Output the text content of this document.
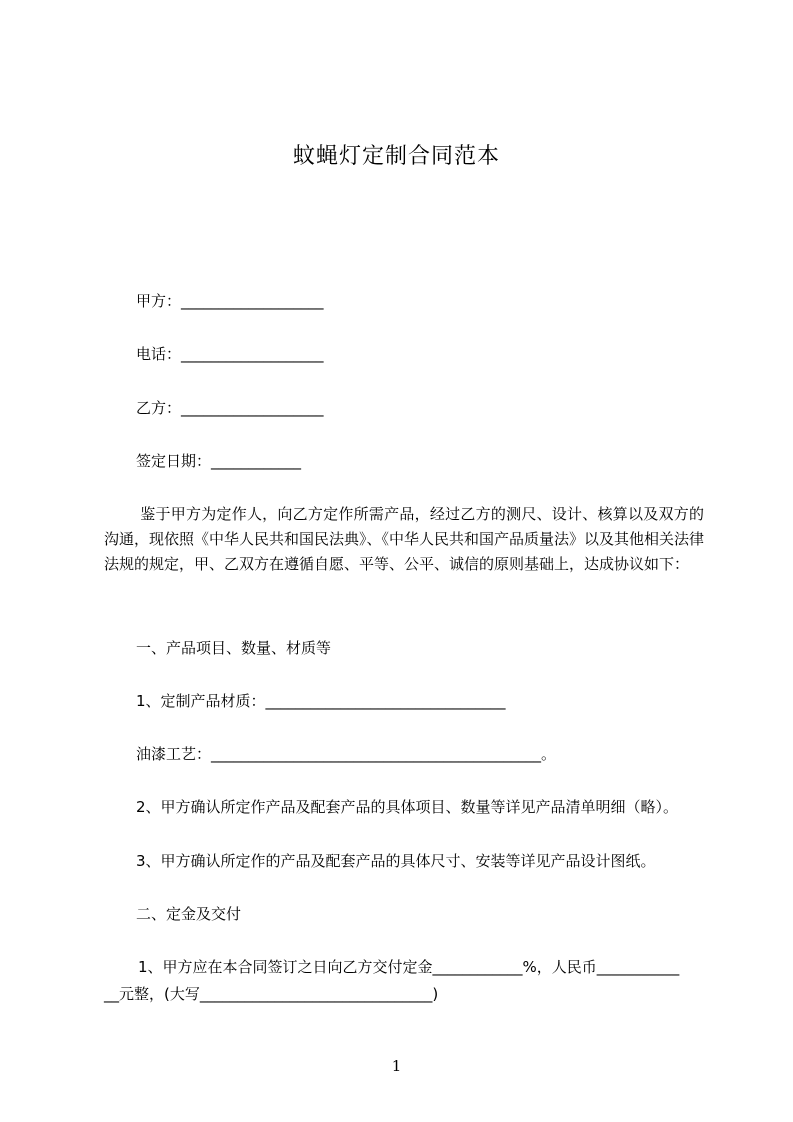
蚊蝇灯定制合同范本
甲方：___________________
电话：___________________
乙方：___________________
签定日期：____________
鉴于甲方为定作人，向乙方定作所需产品，经过乙方的测尺、设计、核算以及双方的沟通，现依照《中华人民共和国民法典》、《中华人民共和国产品质量法》以及其他相关法律法规的规定，甲、乙双方在遵循自愿、平等、公平、诚信的原则基础上，达成协议如下：
一、产品项目、数量、材质等
1、定制产品材质：________________________________
油漆工艺：____________________________________________。
2、甲方确认所定作产品及配套产品的具体项目、数量等详见产品清单明细（略）。
3、甲方确认所定作的产品及配套产品的具体尺寸、安装等详见产品设计图纸。
二、定金及交付
1、甲方应在本合同签订之日向乙方交付定金____________%，人民币___________
__元整，(大写_______________________________)
1
